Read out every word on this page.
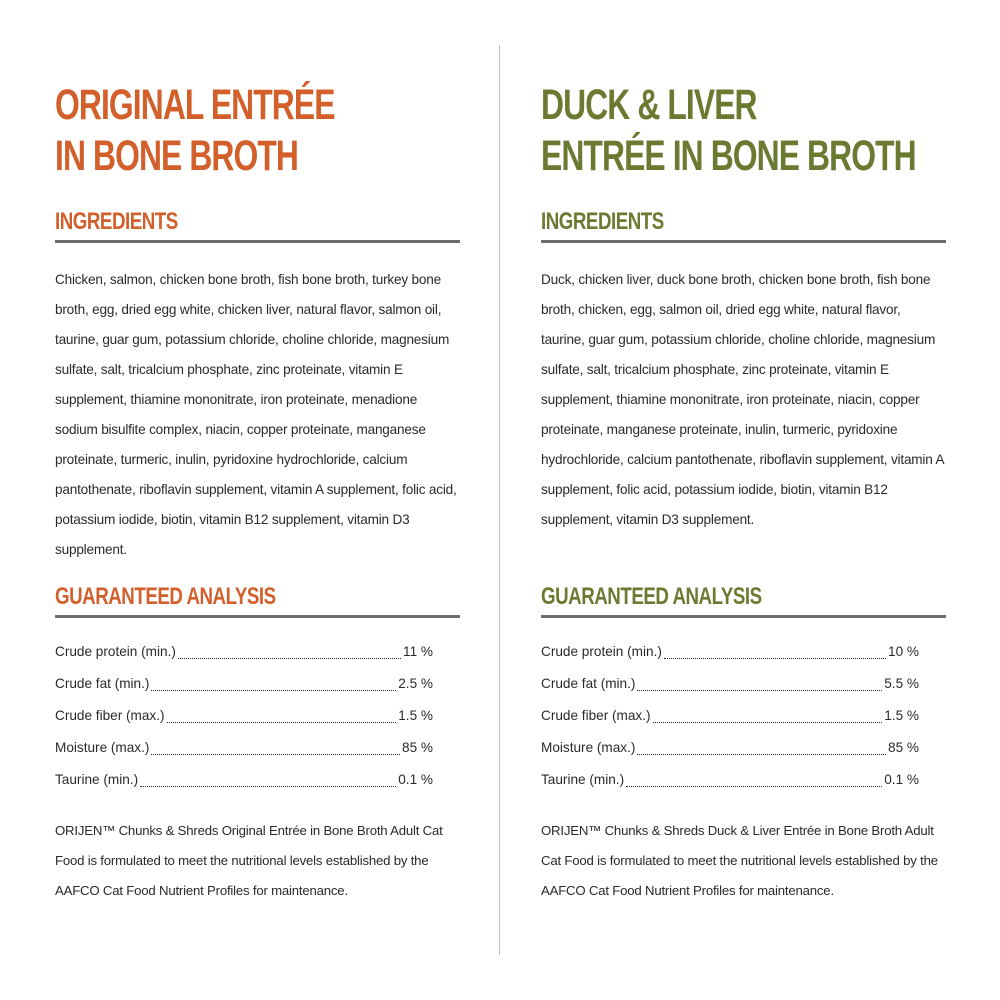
ORIGINAL ENTRÉE
IN BONE BROTH
INGREDIENTS
Chicken, salmon, chicken bone broth, fish bone broth, turkey bone broth, egg, dried egg white, chicken liver, natural flavor, salmon oil, taurine, guar gum, potassium chloride, choline chloride, magnesium sulfate, salt, tricalcium phosphate, zinc proteinate, vitamin E supplement, thiamine mononitrate, iron proteinate, menadione sodium bisulfite complex, niacin, copper proteinate, manganese proteinate, turmeric, inulin, pyridoxine hydrochloride, calcium pantothenate, riboflavin supplement, vitamin A supplement, folic acid, potassium iodide, biotin, vitamin B12 supplement, vitamin D3 supplement.
GUARANTEED ANALYSIS
Crude protein (min.)	11 %
Crude fat (min.)	2.5 %
Crude fiber (max.)	1.5 %
Moisture (max.)	85 %
Taurine (min.)	0.1 %
ORIJEN™ Chunks & Shreds Original Entrée in Bone Broth Adult Cat Food is formulated to meet the nutritional levels established by the AAFCO Cat Food Nutrient Profiles for maintenance.
DUCK & LIVER
ENTRÉE IN BONE BROTH
INGREDIENTS
Duck, chicken liver, duck bone broth, chicken bone broth, fish bone broth, chicken, egg, salmon oil, dried egg white, natural flavor, taurine, guar gum, potassium chloride, choline chloride, magnesium sulfate, salt, tricalcium phosphate, zinc proteinate, vitamin E supplement, thiamine mononitrate, iron proteinate, niacin, copper proteinate, manganese proteinate, inulin, turmeric, pyridoxine hydrochloride, calcium pantothenate, riboflavin supplement, vitamin A supplement, folic acid, potassium iodide, biotin, vitamin B12 supplement, vitamin D3 supplement.
GUARANTEED ANALYSIS
Crude protein (min.)	10 %
Crude fat (min.)	5.5 %
Crude fiber (max.)	1.5 %
Moisture (max.)	85 %
Taurine (min.)	0.1 %
ORIJEN™ Chunks & Shreds Duck & Liver Entrée in Bone Broth Adult Cat Food is formulated to meet the nutritional levels established by the AAFCO Cat Food Nutrient Profiles for maintenance.
